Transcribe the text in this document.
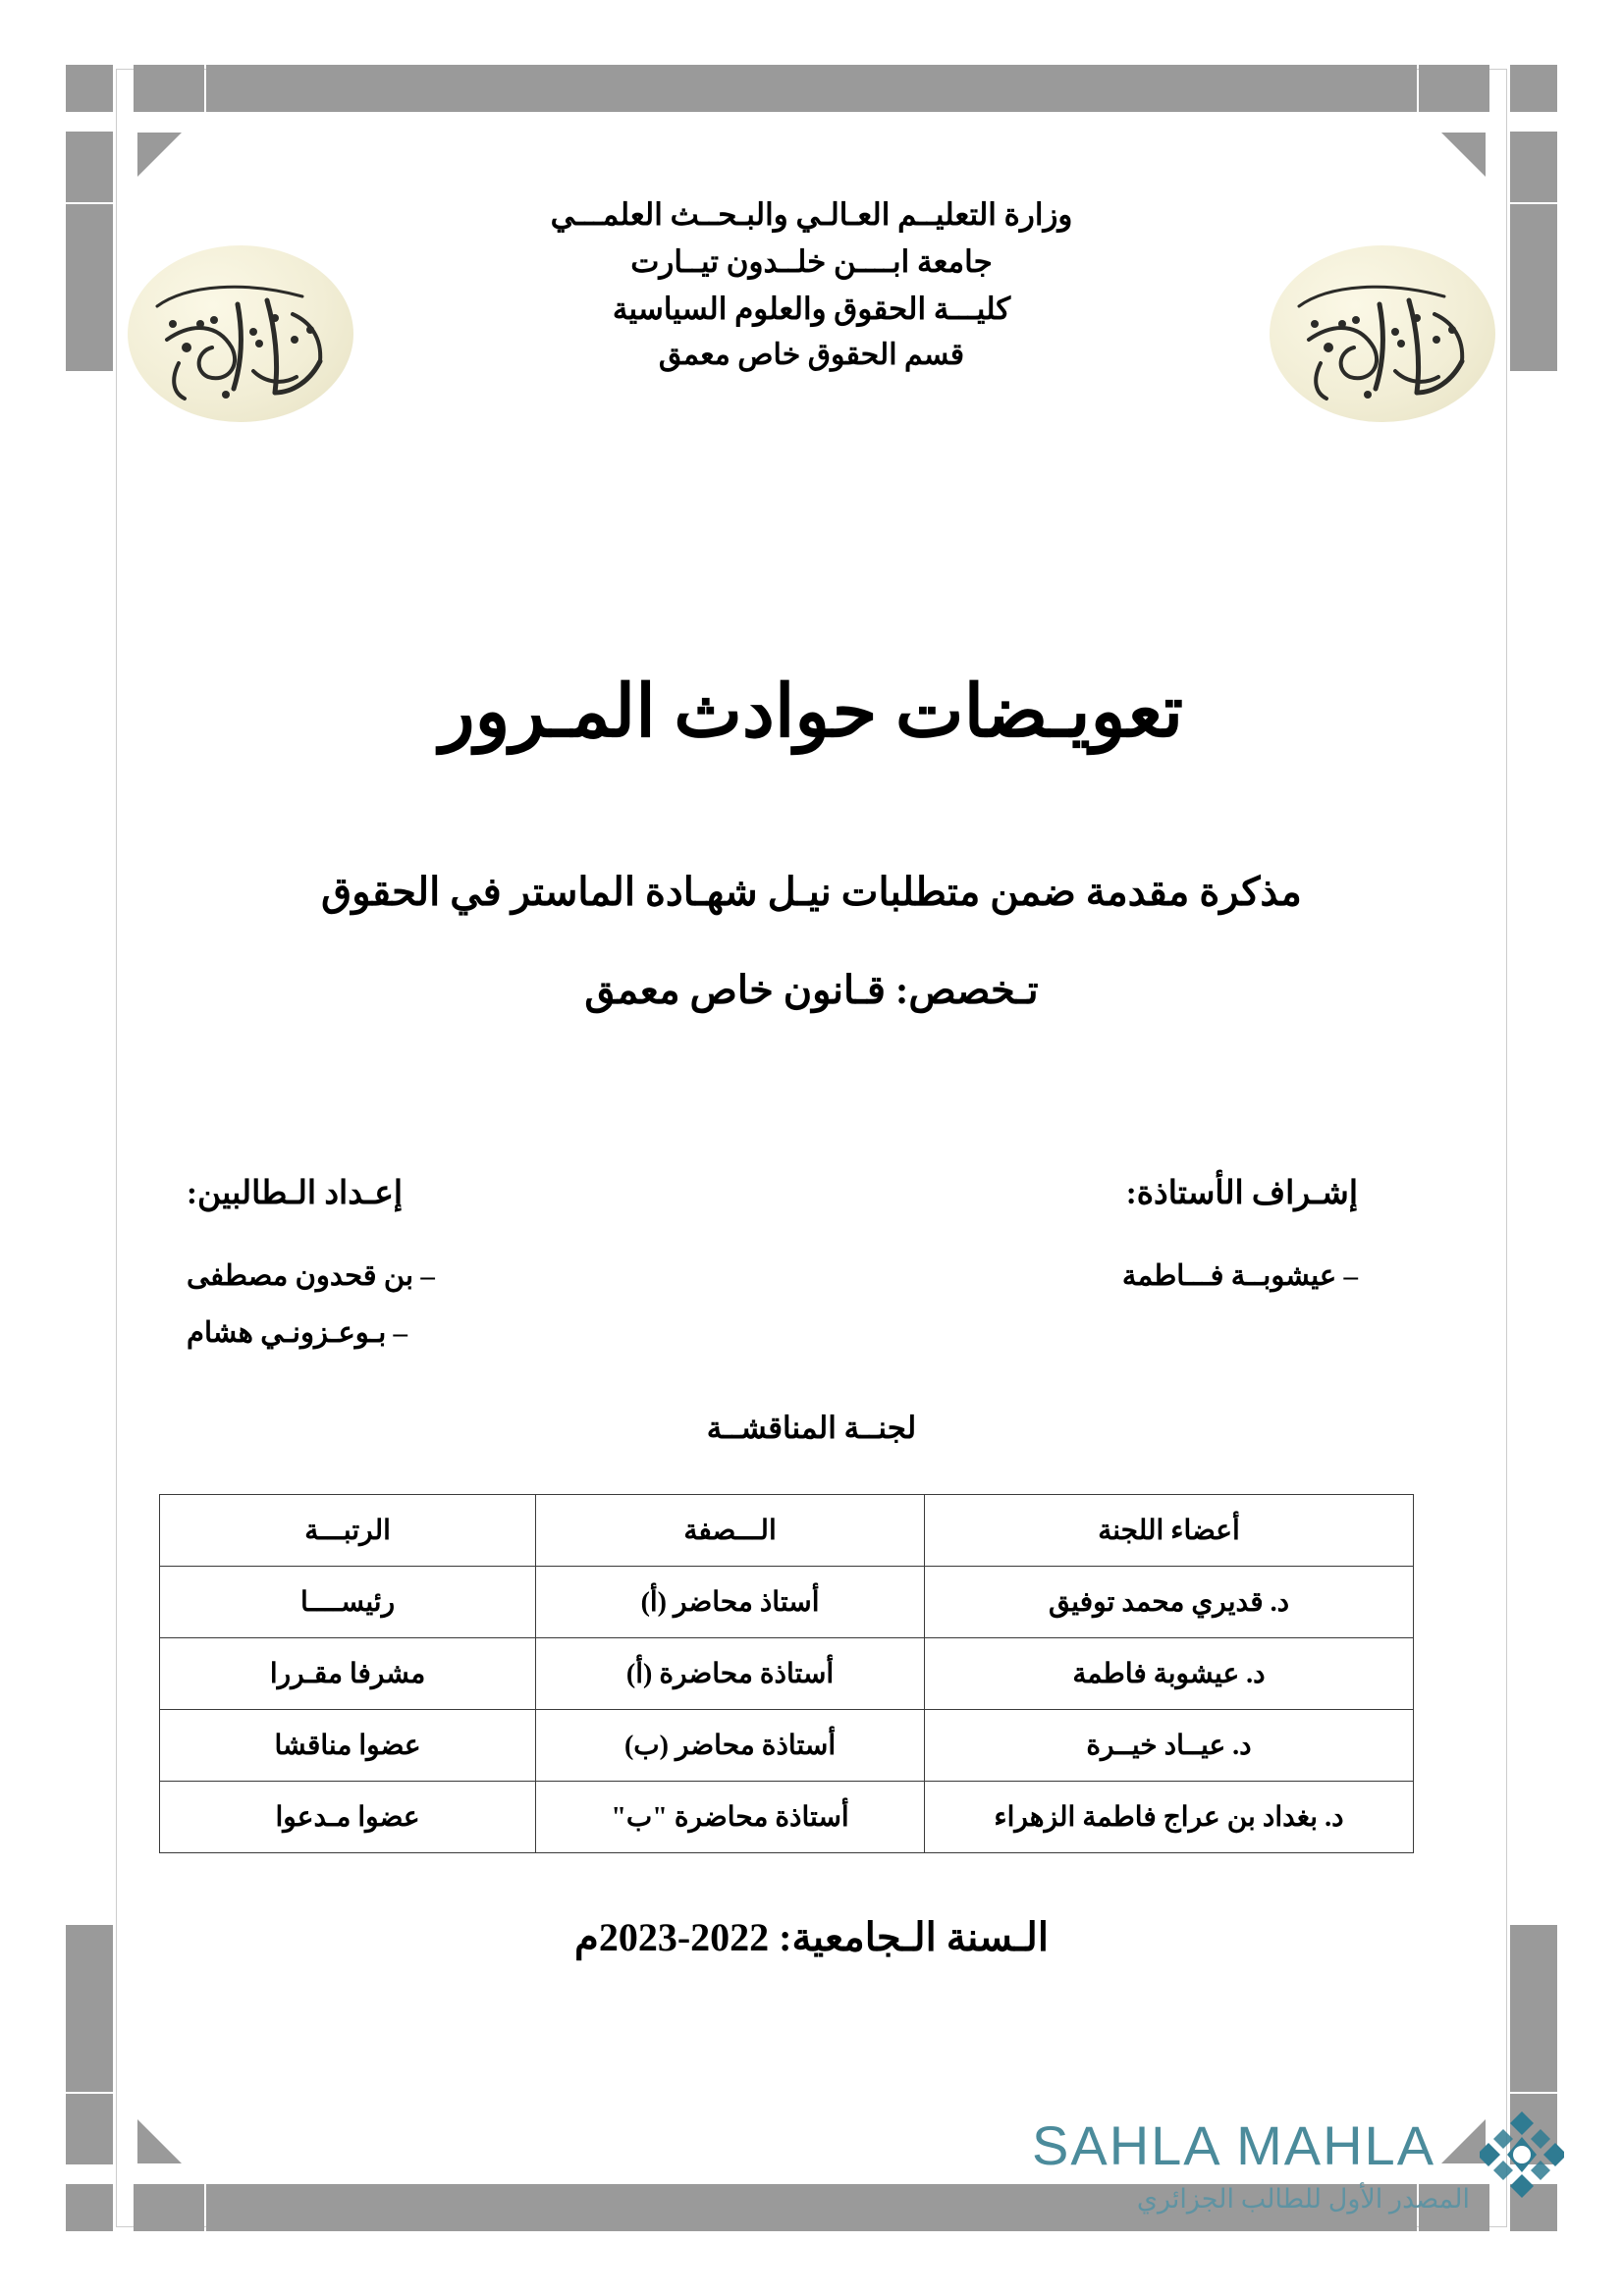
وزارة التعليــم العـالـي والبـحــث العلمـــي
جامعة ابــــن خلــدون تيــارت
كليـــة الحقوق والعلوم السياسية
قسم الحقوق خاص معمق
تعويـضات حوادث المـرور
مذكرة مقدمة ضمن متطلبات نيـل شهـادة الماستر في الحقوق
تـخصص: قـانون خاص معمق
إعـداد الـطالبين:
– بن قحدون مصطفى
– بـوعـزونـي هشام
إشـراف الأستاذة:
– عيشوبــة فـــاطمة
لجنــة المناقشــة
أعضاء اللجنة	الـــصفة	الرتبـــة
د. قديري محمد توفيق	أستاذ محاضر (أ)	رئيســــا
د. عيشوبة فاطمة	أستاذة محاضرة (أ)	مشرفا مقـررا
د. عيــاد خيــرة	أستاذة محاضر (ب)	عضوا مناقشا
د. بغداد بن عراج فاطمة الزهراء	أستاذة محاضرة "ب"	عضوا مـدعوا
الـسنة الـجامعية: 2022-2023م
SAHLA MAHLA
المصدر الأول للطالب الجزائري
